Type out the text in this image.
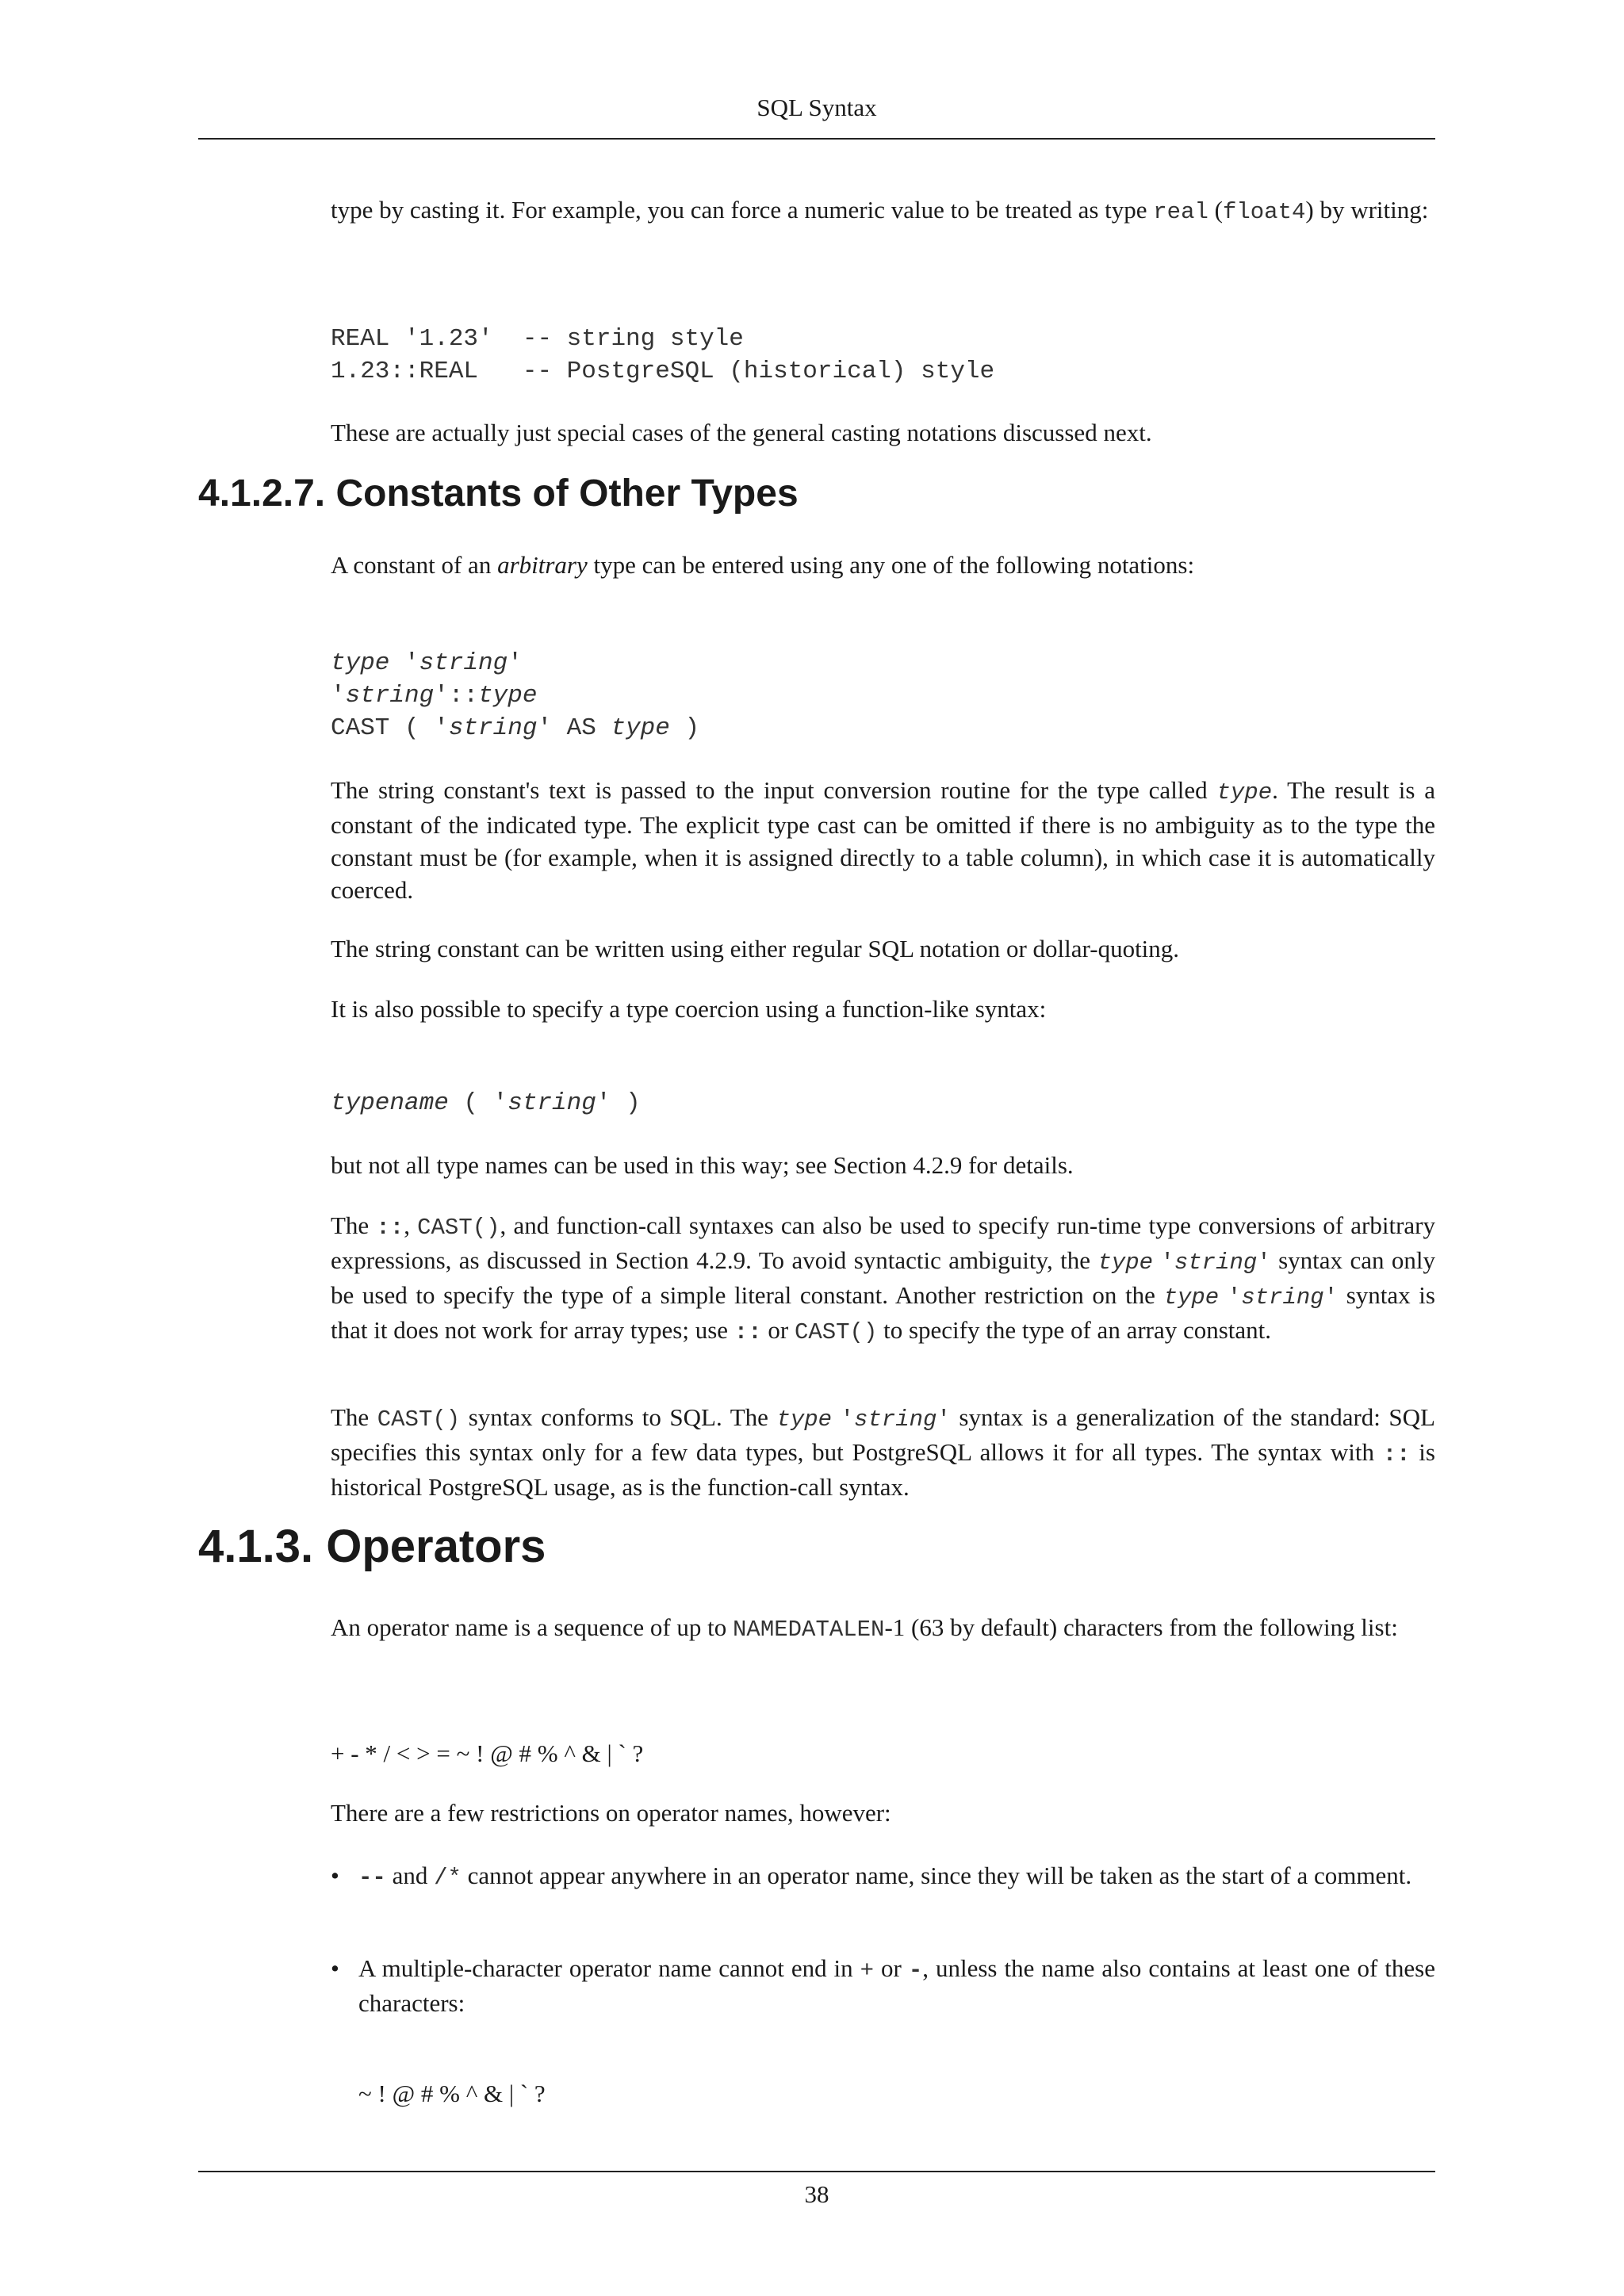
SQL Syntax
type by casting it. For example, you can force a numeric value to be treated as type real (float4) by writing:
REAL '1.23'  -- string style
1.23::REAL   -- PostgreSQL (historical) style
These are actually just special cases of the general casting notations discussed next.
4.1.2.7. Constants of Other Types
A constant of an arbitrary type can be entered using any one of the following notations:
type 'string'
'string'::type
CAST ( 'string' AS type )
The string constant's text is passed to the input conversion routine for the type called type. The result is a constant of the indicated type. The explicit type cast can be omitted if there is no ambiguity as to the type the constant must be (for example, when it is assigned directly to a table column), in which case it is automatically coerced.
The string constant can be written using either regular SQL notation or dollar-quoting.
It is also possible to specify a type coercion using a function-like syntax:
typename ( 'string' )
but not all type names can be used in this way; see Section 4.2.9 for details.
The ::, CAST(), and function-call syntaxes can also be used to specify run-time type conversions of arbitrary expressions, as discussed in Section 4.2.9. To avoid syntactic ambiguity, the type 'string' syntax can only be used to specify the type of a simple literal constant. Another restriction on the type 'string' syntax is that it does not work for array types; use :: or CAST() to specify the type of an array constant.
The CAST() syntax conforms to SQL. The type 'string' syntax is a generalization of the standard: SQL specifies this syntax only for a few data types, but PostgreSQL allows it for all types. The syntax with :: is historical PostgreSQL usage, as is the function-call syntax.
4.1.3. Operators
An operator name is a sequence of up to NAMEDATALEN-1 (63 by default) characters from the following list:
+ - * / < > = ~ ! @ # % ^ & | ` ?
There are a few restrictions on operator names, however:
• -- and /* cannot appear anywhere in an operator name, since they will be taken as the start of a comment.
• A multiple-character operator name cannot end in + or -, unless the name also contains at least one of these characters:
~ ! @ # % ^ & | ` ?
38
